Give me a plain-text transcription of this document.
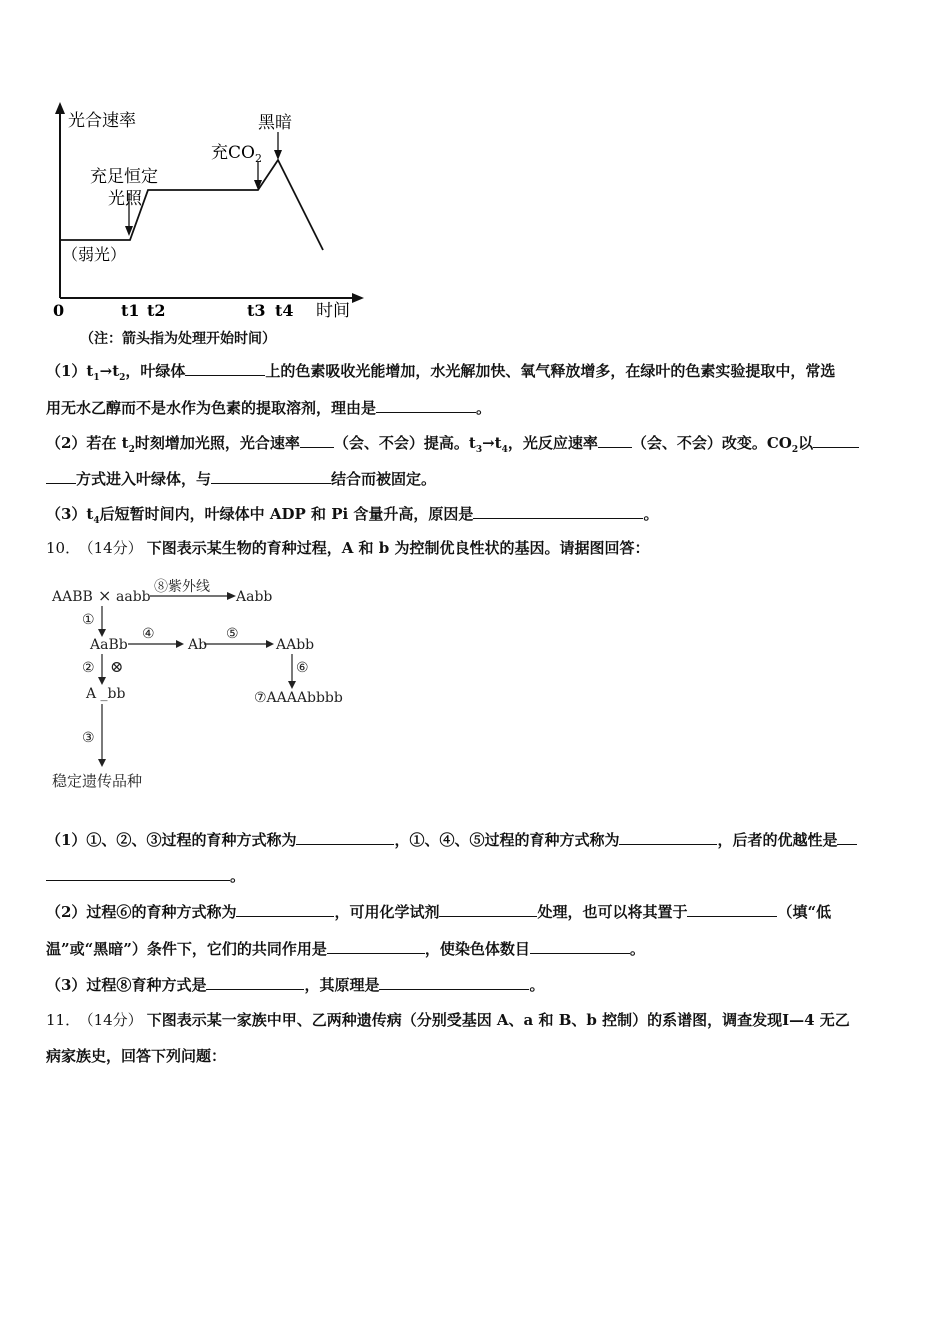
光合速率
时间
0	t1 t2	t3 t4
（弱光）
充足恒定
光照
充$CO_2$
黑暗
（注：箭头指为处理开始时间）
$(1)t_1\to t_2$，叶绿体	上的色素吸收光能增加，水光解加快、氧气释放增多，在绿叶的色素实验提取中，常选
用无水乙醇而不是水作为色素的提取溶剂，理由是	。
（2）若在 $t_2$时刻增加光照，光合速率 （会、不会）提高。$t_3\to t_4$，光反应速率 （会、不会）改变。$CO_2$以
方式进入叶绿体，与	结合而被固定。
$(3)t_4$后短暂时间内，叶绿体中 ADP 和 Pi 含量升高，原因是	。
10． （14分） 下图表示某生物的育种过程，A 和 b 为控制优良性状的基因。请据图回答：
AABB × aabb
⑧紫外线
Aabb
①
AaBb
④
Ab
⑤
AAbb
② ⊗
A _bb
⑥
⑦AAAAbbbb
③
稳定遗传品种
（1）①、②、③过程的育种方式称为	，①、④、⑤过程的育种方式称为	，后者的优越性是
。
（2）过程⑥的育种方式称为	，可用化学试剂	处理，也可以将其置于	（填“低
温”或“黑暗”）条件下，它们的共同作用是	，使染色体数目	。
（3）过程⑧育种方式是	，其原理是	。
11． （14分） 下图表示某一家族中甲、乙两种遗传病（分别受基因 A、a 和 B、b 控制）的系谱图，调查发现Ⅰ—4 无乙
病家族史，回答下列问题：
